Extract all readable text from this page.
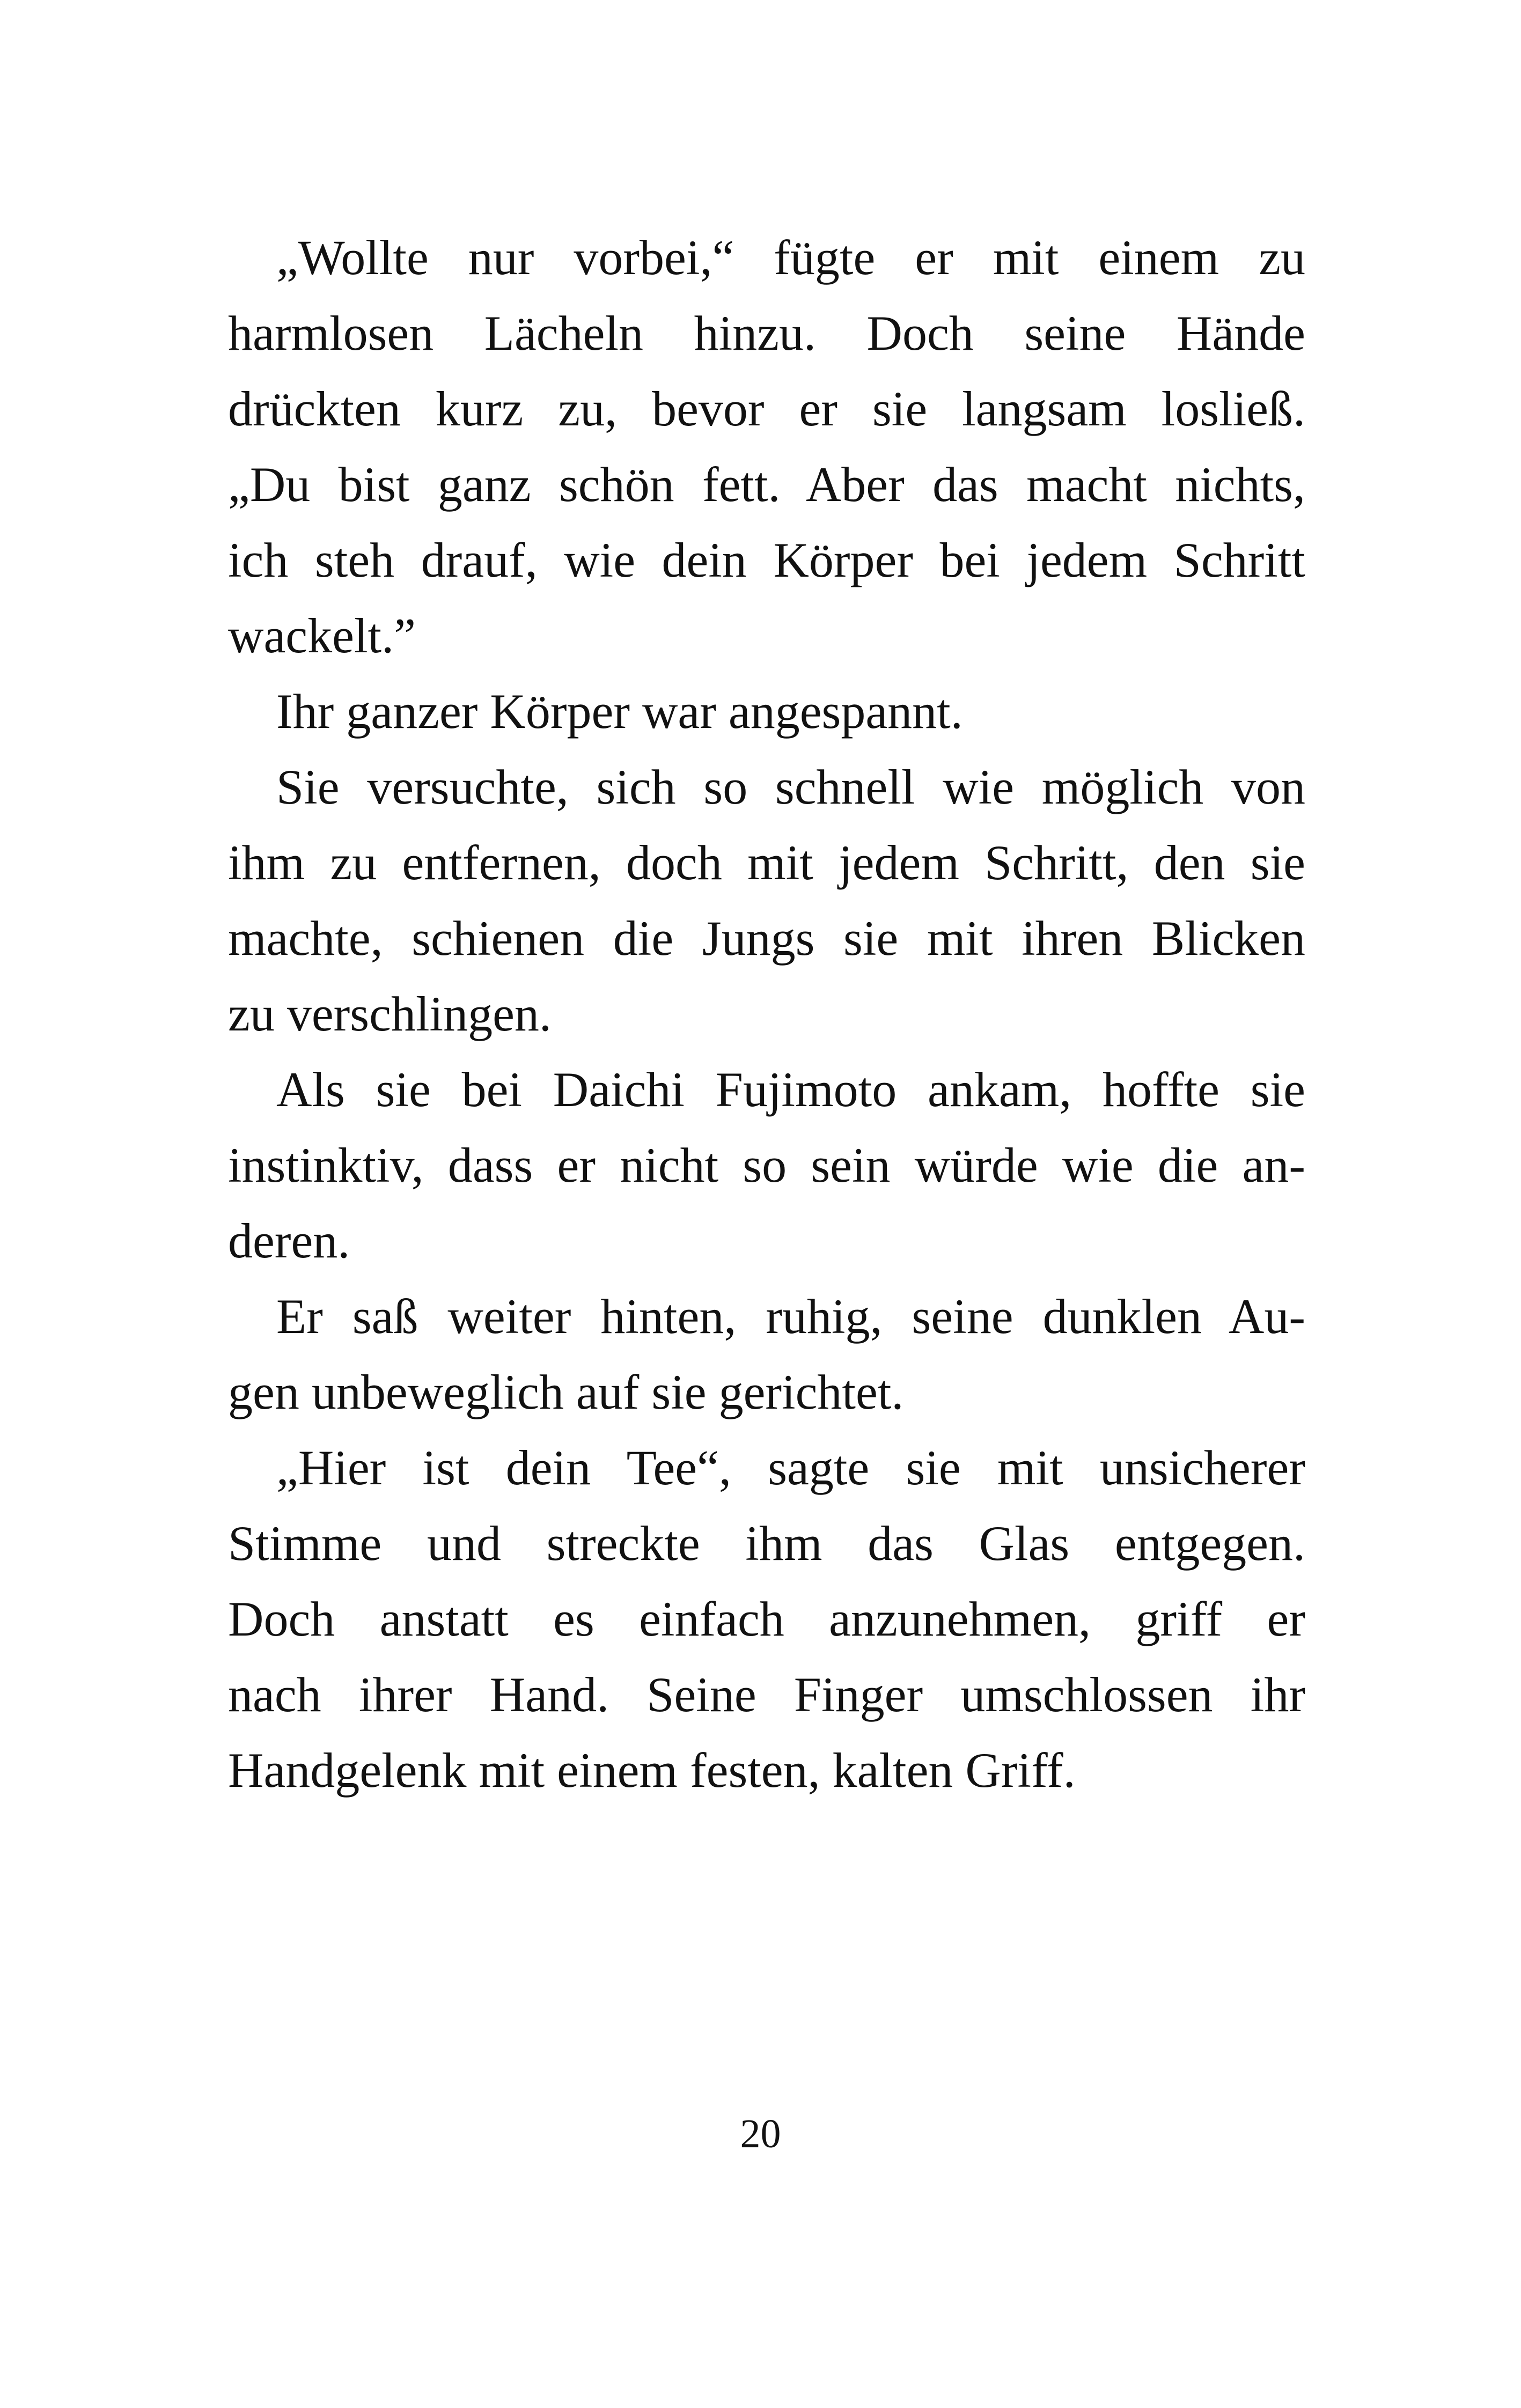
„Wollte nur vorbei,“ fügte er mit einem zu
harmlosen Lächeln hinzu. Doch seine Hände
drückten kurz zu, bevor er sie langsam losließ.
„Du bist ganz schön fett. Aber das macht nichts,
ich steh drauf, wie dein Körper bei jedem Schritt
wackelt.”
Ihr ganzer Körper war angespannt.
Sie versuchte, sich so schnell wie möglich von
ihm zu entfernen, doch mit jedem Schritt, den sie
machte, schienen die Jungs sie mit ihren Blicken
zu verschlingen.
Als sie bei Daichi Fujimoto ankam, hoffte sie
instinktiv, dass er nicht so sein würde wie die an-
deren.
Er saß weiter hinten, ruhig, seine dunklen Au-
gen unbeweglich auf sie gerichtet.
„Hier ist dein Tee“, sagte sie mit unsicherer
Stimme und streckte ihm das Glas entgegen.
Doch anstatt es einfach anzunehmen, griff er
nach ihrer Hand. Seine Finger umschlossen ihr
Handgelenk mit einem festen, kalten Griff.
20
